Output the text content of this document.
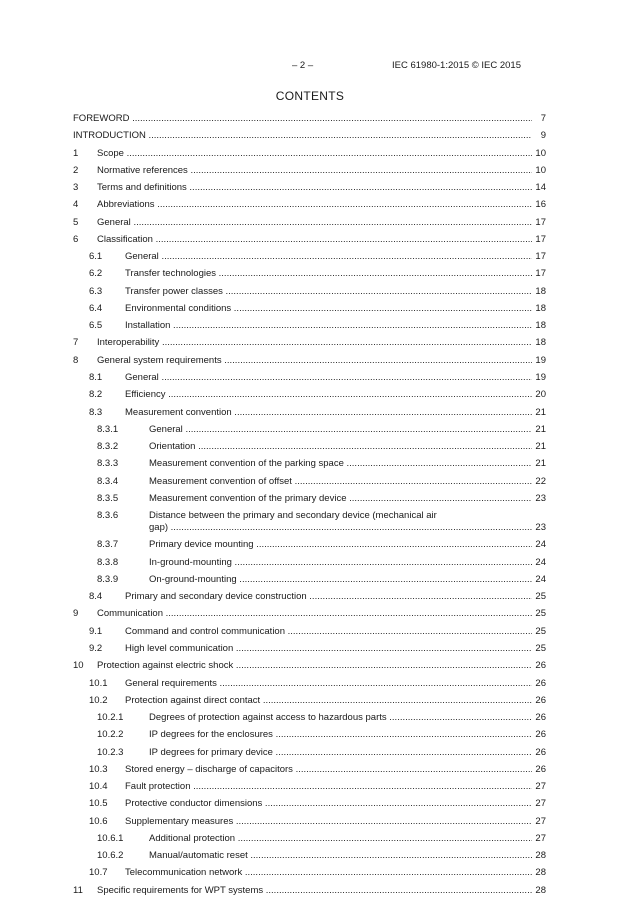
– 2 –	IEC 61980-1:2015 © IEC 2015
CONTENTS
FOREWORD .....	7
INTRODUCTION .....	9
1 Scope .....	10
2 Normative references .....	10
3 Terms and definitions .....	14
4 Abbreviations .....	16
5 General .....	17
6 Classification .....	17
6.1 General .....	17
6.2 Transfer technologies .....	17
6.3 Transfer power classes .....	18
6.4 Environmental conditions .....	18
6.5 Installation .....	18
7 Interoperability .....	18
8 General system requirements .....	19
8.1 General .....	19
8.2 Efficiency .....	20
8.3 Measurement convention .....	21
8.3.1	General .....	21
8.3.2	Orientation .....	21
8.3.3	Measurement convention of the parking space .....	21
8.3.4	Measurement convention of offset .....	22
8.3.5	Measurement convention of the primary device .....	23
8.3.6	Distance between the primary and secondary device (mechanical air
gap) .....	23
8.3.7	Primary device mounting .....	24
8.3.8	In-ground-mounting .....	24
8.3.9	On-ground-mounting .....	24
8.4 Primary and secondary device construction .....	25
9 Communication .....	25
9.1 Command and control communication .....	25
9.2 High level communication .....	25
10 Protection against electric shock .....	26
10.1 General requirements .....	26
10.2 Protection against direct contact .....	26
10.2.1	Degrees of protection against access to hazardous parts .....	26
10.2.2	IP degrees for the enclosures .....	26
10.2.3	IP degrees for primary device .....	26
10.3 Stored energy – discharge of capacitors .....	26
10.4 Fault protection .....	27
10.5 Protective conductor dimensions .....	27
10.6 Supplementary measures .....	27
10.6.1	Additional protection .....	27
10.6.2	Manual/automatic reset .....	28
10.7 Telecommunication network .....	28
11 Specific requirements for WPT systems .....	28
